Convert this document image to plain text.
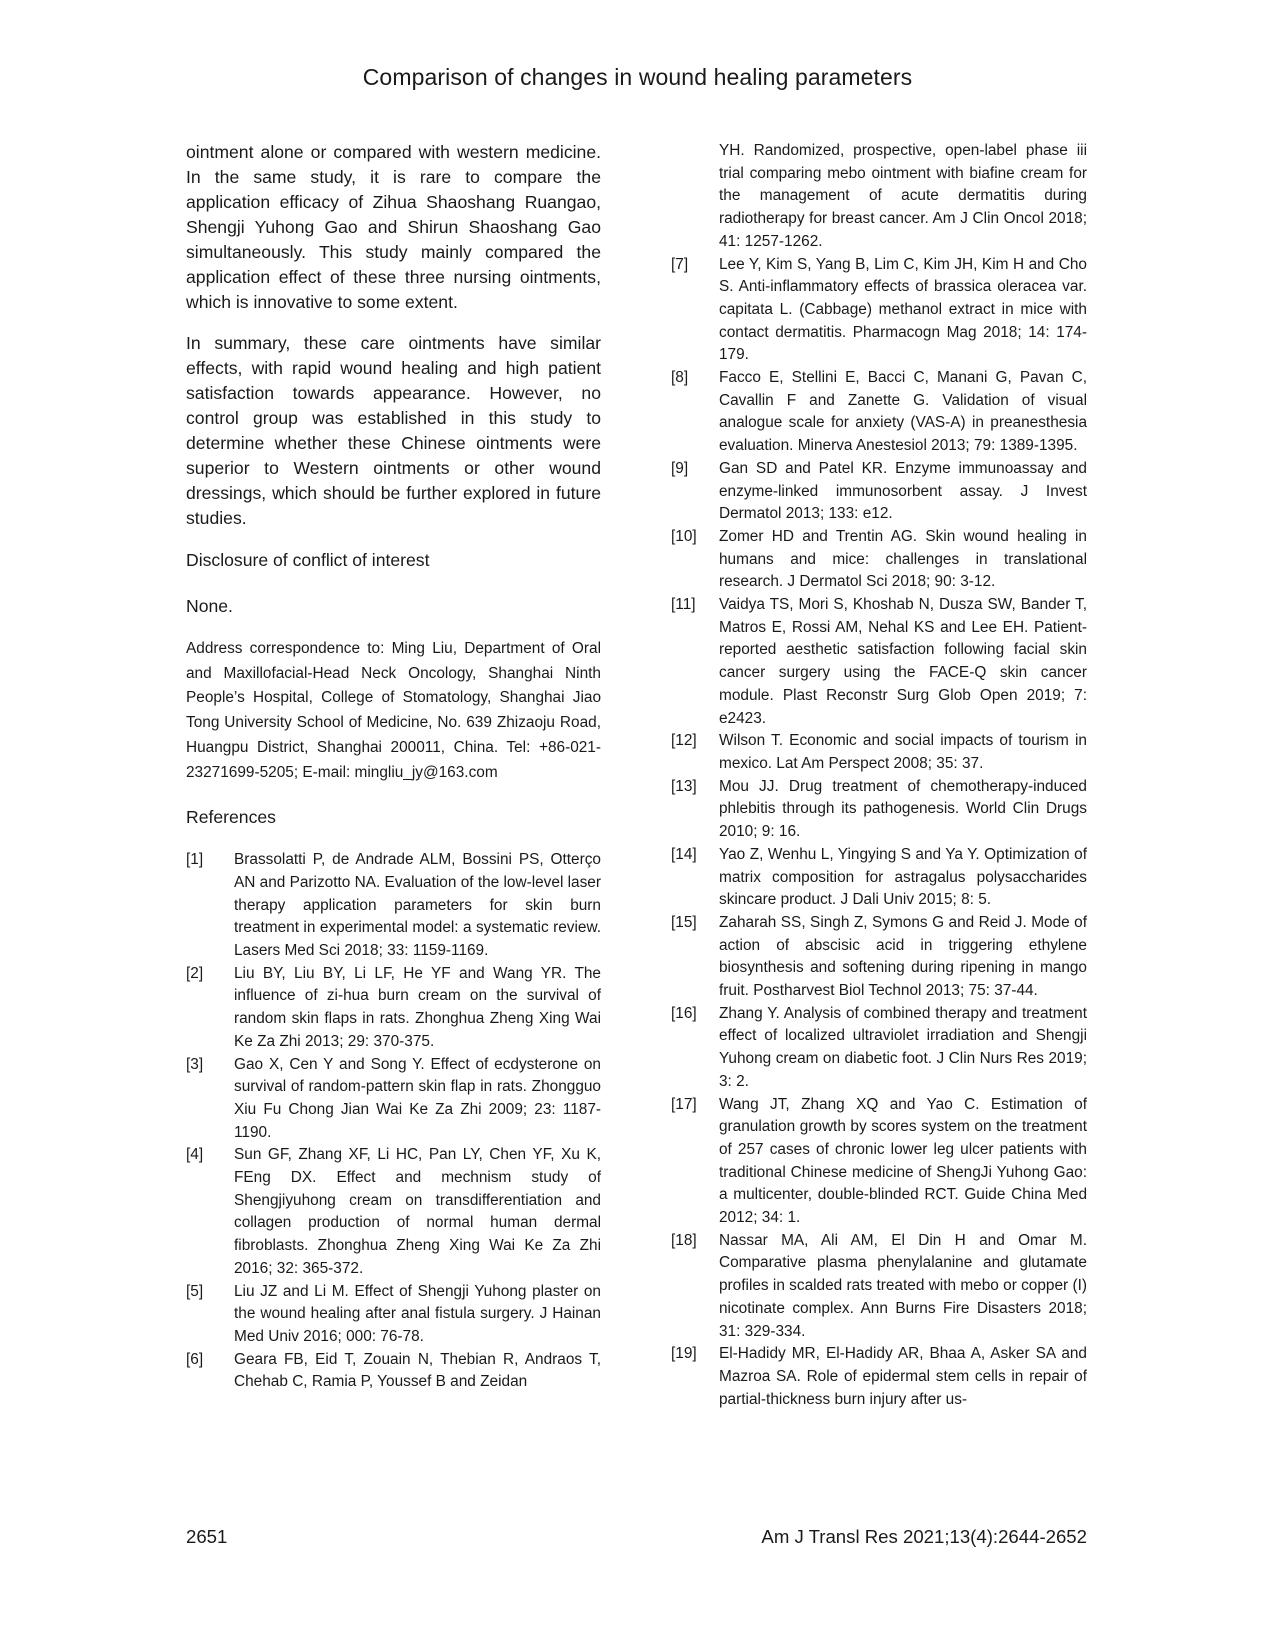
Comparison of changes in wound healing parameters

ointment alone or compared with western medicine. In the same study, it is rare to compare the application efficacy of Zihua Shaoshang Ruangao, Shengji Yuhong Gao and Shirun Shaoshang Gao simultaneously. This study mainly compared the application effect of these three nursing ointments, which is innovative to some extent.

In summary, these care ointments have similar effects, with rapid wound healing and high patient satisfaction towards appearance. However, no control group was established in this study to determine whether these Chinese ointments were superior to Western ointments or other wound dressings, which should be further explored in future studies.

Disclosure of conflict of interest

None.

Address correspondence to: Ming Liu, Department of Oral and Maxillofacial-Head Neck Oncology, Shanghai Ninth People’s Hospital, College of Stomatology, Shanghai Jiao Tong University School of Medicine, No. 639 Zhizaoju Road, Huangpu District, Shanghai 200011, China. Tel: +86-021-23271699-5205; E-mail: mingliu_jy@163.com

References

[1]	Brassolatti P, de Andrade ALM, Bossini PS, Otterço AN and Parizotto NA. Evaluation of the low-level laser therapy application parameters for skin burn treatment in experimental model: a systematic review. Lasers Med Sci 2018; 33: 1159-1169.
[2]	Liu BY, Liu BY, Li LF, He YF and Wang YR. The influence of zi-hua burn cream on the survival of random skin flaps in rats. Zhonghua Zheng Xing Wai Ke Za Zhi 2013; 29: 370-375.
[3]	Gao X, Cen Y and Song Y. Effect of ecdysterone on survival of random-pattern skin flap in rats. Zhongguo Xiu Fu Chong Jian Wai Ke Za Zhi 2009; 23: 1187-1190.
[4]	Sun GF, Zhang XF, Li HC, Pan LY, Chen YF, Xu K, FEng DX. Effect and mechnism study of Shengjiyuhong cream on transdifferentiation and collagen production of normal human dermal fibroblasts. Zhonghua Zheng Xing Wai Ke Za Zhi 2016; 32: 365-372.
[5]	Liu JZ and Li M. Effect of Shengji Yuhong plaster on the wound healing after anal fistula surgery. J Hainan Med Univ 2016; 000: 76-78.
[6]	Geara FB, Eid T, Zouain N, Thebian R, Andraos T, Chehab C, Ramia P, Youssef B and Zeidan

YH. Randomized, prospective, open-label phase iii trial comparing mebo ointment with biafine cream for the management of acute dermatitis during radiotherapy for breast cancer. Am J Clin Oncol 2018; 41: 1257-1262.

[7]	Lee Y, Kim S, Yang B, Lim C, Kim JH, Kim H and Cho S. Anti-inflammatory effects of brassica oleracea var. capitata L. (Cabbage) methanol extract in mice with contact dermatitis. Pharmacogn Mag 2018; 14: 174-179.
[8]	Facco E, Stellini E, Bacci C, Manani G, Pavan C, Cavallin F and Zanette G. Validation of visual analogue scale for anxiety (VAS-A) in preanesthesia evaluation. Minerva Anestesiol 2013; 79: 1389-1395.
[9]	Gan SD and Patel KR. Enzyme immunoassay and enzyme-linked immunosorbent assay. J Invest Dermatol 2013; 133: e12.
[10]	Zomer HD and Trentin AG. Skin wound healing in humans and mice: challenges in translational research. J Dermatol Sci 2018; 90: 3-12.
[11]	Vaidya TS, Mori S, Khoshab N, Dusza SW, Bander T, Matros E, Rossi AM, Nehal KS and Lee EH. Patient-reported aesthetic satisfaction following facial skin cancer surgery using the FACE-Q skin cancer module. Plast Reconstr Surg Glob Open 2019; 7: e2423.
[12]	Wilson T. Economic and social impacts of tourism in mexico. Lat Am Perspect 2008; 35: 37.
[13]	Mou JJ. Drug treatment of chemotherapy-induced phlebitis through its pathogenesis. World Clin Drugs 2010; 9: 16.
[14]	Yao Z, Wenhu L, Yingying S and Ya Y. Optimization of matrix composition for astragalus polysaccharides skincare product. J Dali Univ 2015; 8: 5.
[15]	Zaharah SS, Singh Z, Symons G and Reid J. Mode of action of abscisic acid in triggering ethylene biosynthesis and softening during ripening in mango fruit. Postharvest Biol Technol 2013; 75: 37-44.
[16]	Zhang Y. Analysis of combined therapy and treatment effect of localized ultraviolet irradiation and Shengji Yuhong cream on diabetic foot. J Clin Nurs Res 2019; 3: 2.
[17]	Wang JT, Zhang XQ and Yao C. Estimation of granulation growth by scores system on the treatment of 257 cases of chronic lower leg ulcer patients with traditional Chinese medicine of ShengJi Yuhong Gao: a multicenter, double-blinded RCT. Guide China Med 2012; 34: 1.
[18]	Nassar MA, Ali AM, El Din H and Omar M. Comparative plasma phenylalanine and glutamate profiles in scalded rats treated with mebo or copper (I) nicotinate complex. Ann Burns Fire Disasters 2018; 31: 329-334.
[19]	El-Hadidy MR, El-Hadidy AR, Bhaa A, Asker SA and Mazroa SA. Role of epidermal stem cells in repair of partial-thickness burn injury after us-
2651	Am J Transl Res 2021;13(4):2644-2652
